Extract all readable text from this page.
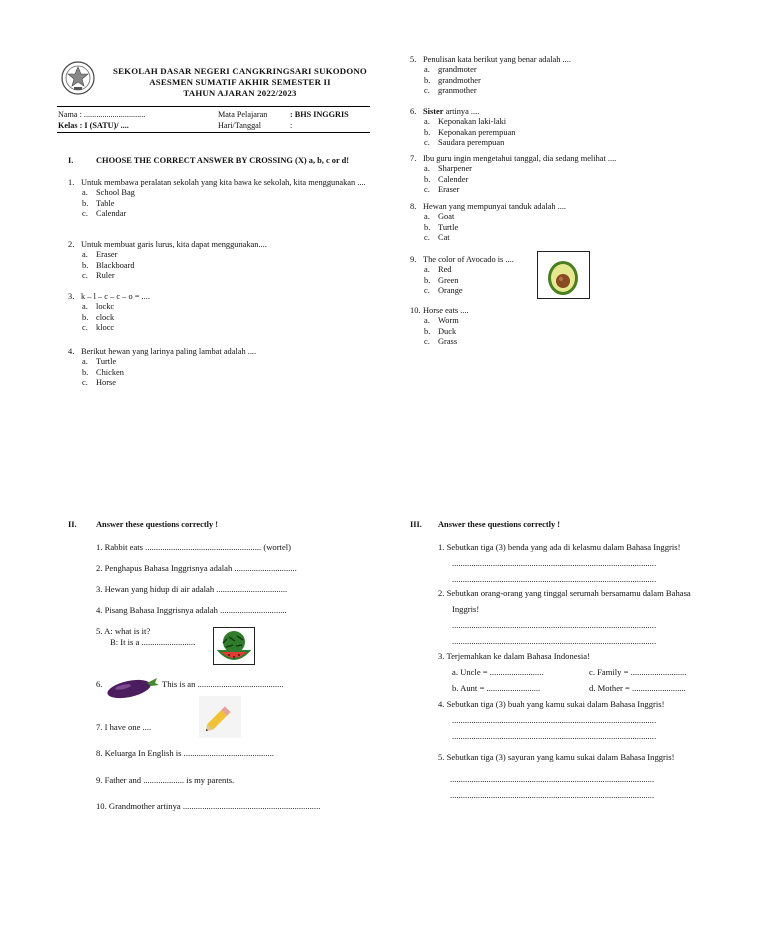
SEKOLAH DASAR NEGERI CANGKRINGSARI SUKODONO
ASESMEN SUMATIF AKHIR SEMESTER II
TAHUN AJARAN 2022/2023
Nama : ..............................
Kelas : I (SATU)/ ....
Mata Pelajaran	: BHS INGGRIS
Hari/Tanggal	:
I.	CHOOSE THE CORRECT ANSWER BY CROSSING (X) a, b, c or d!
1. Untuk membawa peralatan sekolah yang kita bawa ke sekolah, kita menggunakan ....
a. School Bag
b. Table
c. Calendar
2. Untuk membuat garis lurus, kita dapat menggunakan....
a. Eraser
b. Blackboard
c. Ruler
3. k – l – c – c – o = ....
a. lockc
b. clock
c. klocc
4. Berikut hewan yang larinya paling lambat adalah ....
a. Turtle
b. Chicken
c. Horse
5. Penulisan kata berikut yang benar adalah ....
a. grandmoter
b. grandmother
c. granmother
6. Sister artinya ....
a. Keponakan laki-laki
b. Keponakan perempuan
c. Saudara perempuan
7. Ibu guru ingin mengetahui tanggal, dia sedang melihat ....
a. Sharpener
b. Calender
c. Eraser
8. Hewan yang mempunyai tanduk adalah ....
a. Goat
b. Turtle
c. Cat
9. The color of Avocado is ....
a. Red
b. Green
c. Orange
10. Horse eats ....
a. Worm
b. Duck
c. Grass
II. Answer these questions correctly !
1. Rabbit eats ...................................................... (wortel)
2. Penghapus Bahasa Inggrisnya adalah .............................
3. Hewan yang hidup di air adalah .................................
4. Pisang Bahasa Inggrisnya adalah ...............................
5. A: what is it?
B: It is a .........................
6.	This is an ........................................
7. I have one ....
8. Keluarga In English is ..........................................
9. Father and ................... is my parents.
10. Grandmother artinya ................................................................
III. Answer these questions correctly !
1. Sebutkan tiga (3) benda yang ada di kelasmu dalam Bahasa Inggris!
...............................................................................................
...............................................................................................
2. Sebutkan orang-orang yang tinggal serumah bersamamu dalam Bahasa
Inggris!
...............................................................................................
...............................................................................................
3. Terjemahkan ke dalam Bahasa Indonesia!
a. Uncle = .........................	c. Family = ..........................
b. Aunt = .........................	d. Mother = .........................
4. Sebutkan tiga (3) buah yang kamu sukai dalam Bahasa Inggris!
...............................................................................................
...............................................................................................
5. Sebutkan tiga (3) sayuran yang kamu sukai dalam Bahasa Inggris!
...............................................................................................
...............................................................................................
